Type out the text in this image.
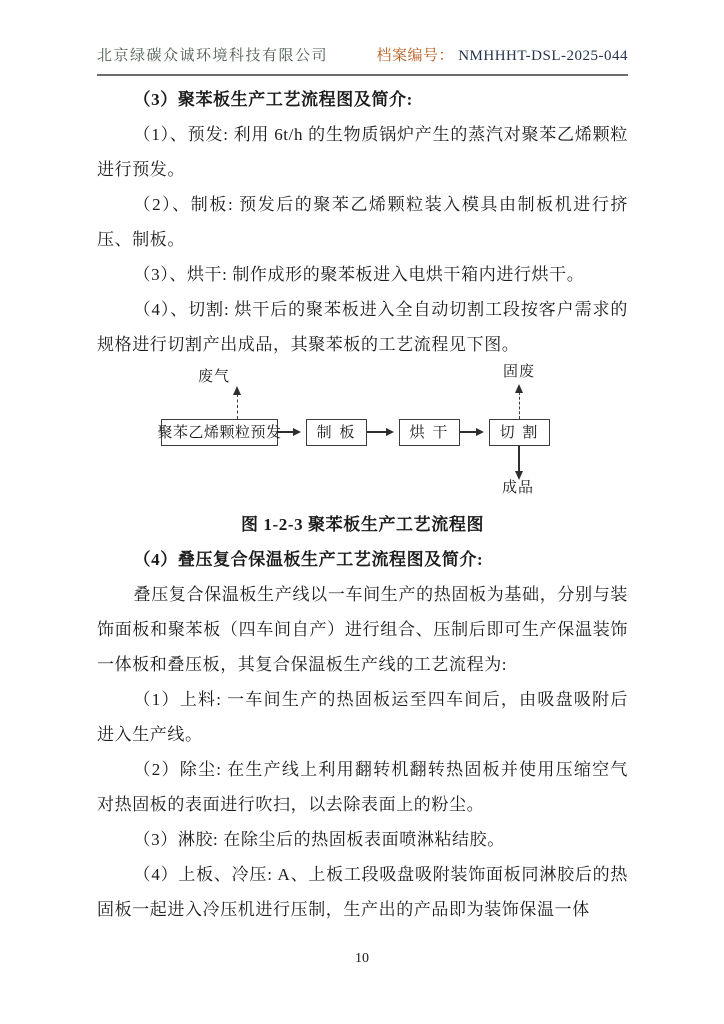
北京绿碳众诚环境科技有限公司	档案编号： NMHHHT-DSL-2025-044

（3）聚苯板生产工艺流程图及简介:

（1）、预发: 利用 6t/h 的生物质锅炉产生的蒸汽对聚苯乙烯颗粒进行预发。

（2）、制板: 预发后的聚苯乙烯颗粒装入模具由制板机进行挤压、制板。

（3）、烘干: 制作成形的聚苯板进入电烘干箱内进行烘干。

（4）、切割: 烘干后的聚苯板进入全自动切割工段按客户需求的规格进行切割产出成品，其聚苯板的工艺流程见下图。

废气	固废
聚苯乙烯颗粒预发	制 板	烘 干	切 割
成品

图 1-2-3 聚苯板生产工艺流程图

（4）叠压复合保温板生产工艺流程图及简介:

叠压复合保温板生产线以一车间生产的热固板为基础，分别与装饰面板和聚苯板（四车间自产）进行组合、压制后即可生产保温装饰一体板和叠压板，其复合保温板生产线的工艺流程为:

（1）上料: 一车间生产的热固板运至四车间后，由吸盘吸附后进入生产线。

（2）除尘: 在生产线上利用翻转机翻转热固板并使用压缩空气对热固板的表面进行吹扫，以去除表面上的粉尘。

（3）淋胶: 在除尘后的热固板表面喷淋粘结胶。

（4）上板、冷压: A、上板工段吸盘吸附装饰面板同淋胶后的热固板一起进入冷压机进行压制，生产出的产品即为装饰保温一体

10
